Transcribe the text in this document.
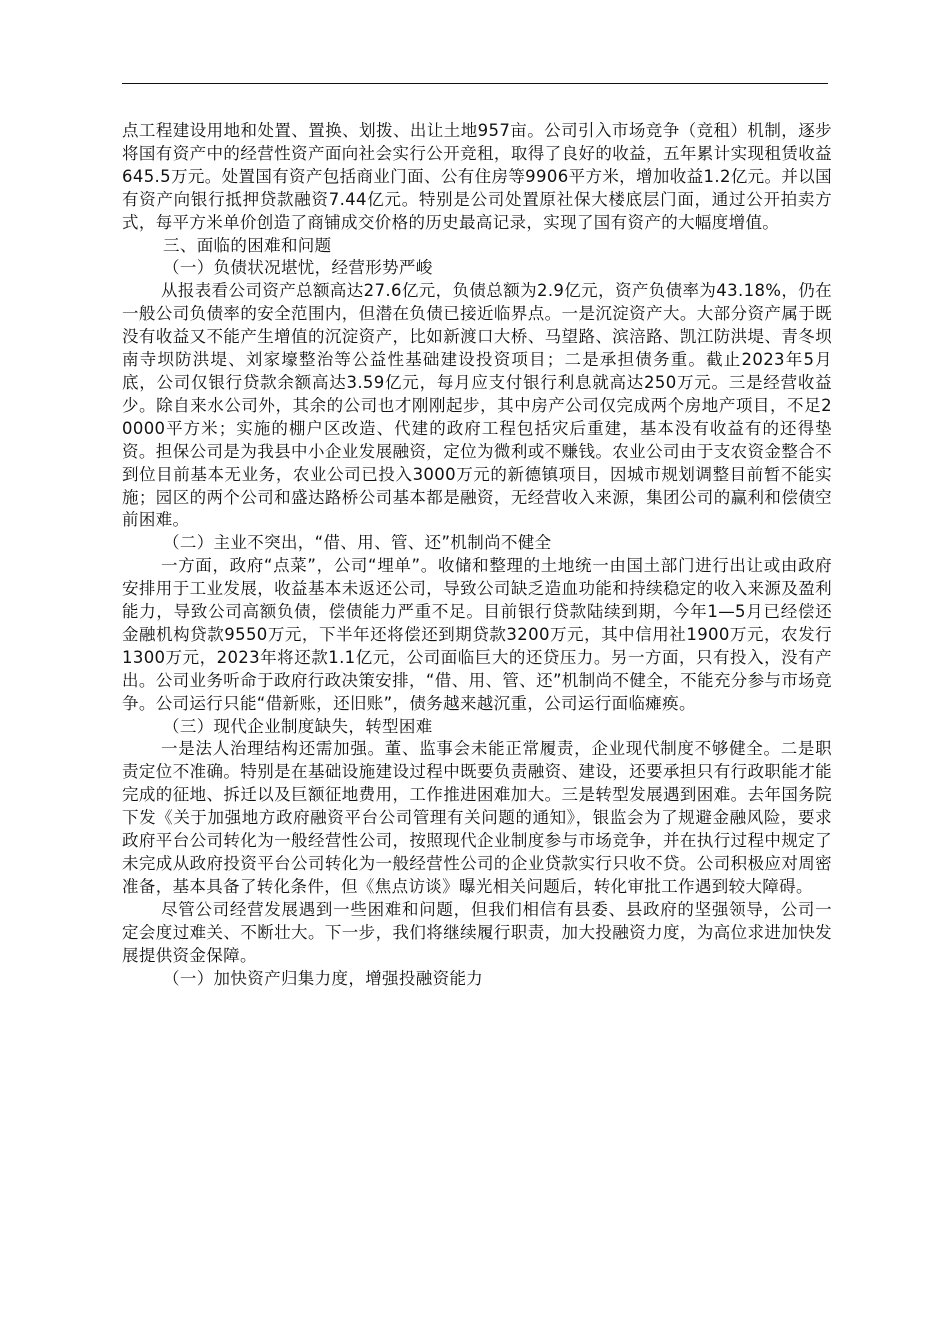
点工程建设用地和处置、置换、划拨、出让土地957亩。公司引入市场竞争（竞租）机制，逐步将国有资产中的经营性资产面向社会实行公开竞租，取得了良好的收益，五年累计实现租赁收益645.5万元。处置国有资产包括商业门面、公有住房等9906平方米，增加收益1.2亿元。并以国有资产向银行抵押贷款融资7.44亿元。特别是公司处置原社保大楼底层门面，通过公开拍卖方式，每平方米单价创造了商铺成交价格的历史最高记录，实现了国有资产的大幅度增值。

三、面临的困难和问题

（一）负债状况堪忧，经营形势严峻

从报表看公司资产总额高达27.6亿元，负债总额为2.9亿元，资产负债率为43.18%，仍在一般公司负债率的安全范围内，但潜在负债已接近临界点。一是沉淀资产大。大部分资产属于既没有收益又不能产生增值的沉淀资产，比如新渡口大桥、马望路、滨涪路、凯江防洪堤、青冬坝南寺坝防洪堤、刘家壕整治等公益性基础建设投资项目；二是承担债务重。截止2023年5月底，公司仅银行贷款余额高达3.59亿元，每月应支付银行利息就高达250万元。三是经营收益少。除自来水公司外，其余的公司也才刚刚起步，其中房产公司仅完成两个房地产项目，不足20000平方米；实施的棚户区改造、代建的政府工程包括灾后重建，基本没有收益有的还得垫资。担保公司是为我县中小企业发展融资，定位为微利或不赚钱。农业公司由于支农资金整合不到位目前基本无业务，农业公司已投入3000万元的新德镇项目，因城市规划调整目前暂不能实施；园区的两个公司和盛达路桥公司基本都是融资，无经营收入来源，集团公司的赢利和偿债空前困难。

（二）主业不突出，“借、用、管、还”机制尚不健全

一方面，政府“点菜”，公司“埋单”。收储和整理的土地统一由国土部门进行出让或由政府安排用于工业发展，收益基本未返还公司，导致公司缺乏造血功能和持续稳定的收入来源及盈利能力，导致公司高额负债，偿债能力严重不足。目前银行贷款陆续到期，今年1—5月已经偿还金融机构贷款9550万元，下半年还将偿还到期贷款3200万元，其中信用社1900万元，农发行1300万元，2023年将还款1.1亿元，公司面临巨大的还贷压力。另一方面，只有投入，没有产出。公司业务听命于政府行政决策安排，“借、用、管、还”机制尚不健全，不能充分参与市场竞争。公司运行只能“借新账，还旧账”，债务越来越沉重，公司运行面临瘫痪。

（三）现代企业制度缺失，转型困难

一是法人治理结构还需加强。董、监事会未能正常履责，企业现代制度不够健全。二是职责定位不准确。特别是在基础设施建设过程中既要负责融资、建设，还要承担只有行政职能才能完成的征地、拆迁以及巨额征地费用，工作推进困难加大。三是转型发展遇到困难。去年国务院下发《关于加强地方政府融资平台公司管理有关问题的通知》，银监会为了规避金融风险，要求政府平台公司转化为一般经营性公司，按照现代企业制度参与市场竞争，并在执行过程中规定了未完成从政府投资平台公司转化为一般经营性公司的企业贷款实行只收不贷。公司积极应对周密准备，基本具备了转化条件，但《焦点访谈》曝光相关问题后，转化审批工作遇到较大障碍。

尽管公司经营发展遇到一些困难和问题，但我们相信有县委、县政府的坚强领导，公司一定会度过难关、不断壮大。下一步，我们将继续履行职责，加大投融资力度，为高位求进加快发展提供资金保障。

（一）加快资产归集力度，增强投融资能力
